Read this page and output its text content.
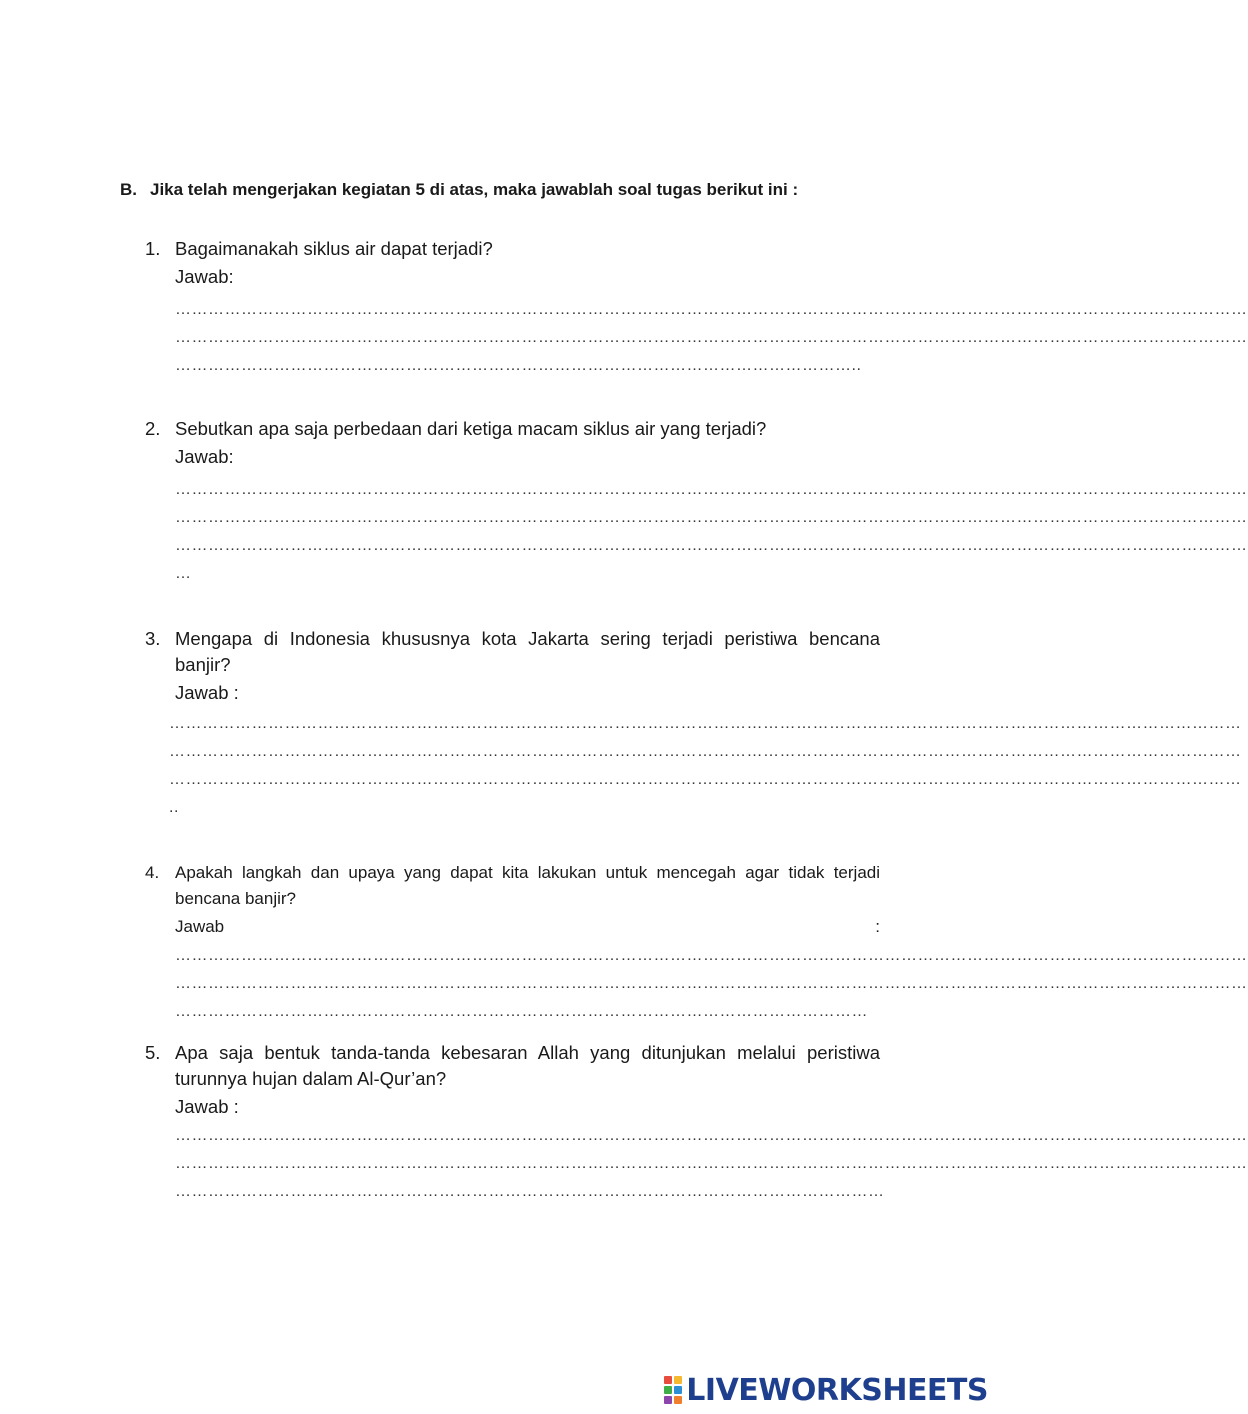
B. Jika telah mengerjakan kegiatan 5 di atas, maka jawablah soal tugas berikut ini :
1. Bagaimanakah siklus air dapat terjadi?
Jawab:
……………………………………………………………………………………………………………………………………………………………………………
……………………………………………………………………………………………………………………………………………………………………………
……………………………………………………………………………………………………………..
2. Sebutkan apa saja perbedaan dari ketiga macam siklus air yang terjadi?
Jawab:
……………………………………………………………………………………………………………………………………………………………………………
……………………………………………………………………………………………………………………………………………………………………………
……………………………………………………………………………………………………………………………………………………………………………
…
3. Mengapa di Indonesia khususnya kota Jakarta sering terjadi peristiwa bencana banjir?
Jawab :
……………………………………………………………………………………………………………………………………………………………………………
……………………………………………………………………………………………………………………………………………………………………………
……………………………………………………………………………………………………………………………………………………………………………
..
4. Apakah langkah dan upaya yang dapat kita lakukan untuk mencegah agar tidak terjadi bencana banjir?
Jawab	:
……………………………………………………………………………………………………………………………………………………………………………
……………………………………………………………………………………………………………………………………………………………………………
………………………………………………………………………………………………………………
5. Apa saja bentuk tanda-tanda kebesaran Allah yang ditunjukan melalui peristiwa turunnya hujan dalam Al-Qur’an?
Jawab :
……………………………………………………………………………………………………………………………………………………………………………
……………………………………………………………………………………………………………………………………………………………………………
…………………………………………………………………………………………………………………
LIVEWORKSHEETS
